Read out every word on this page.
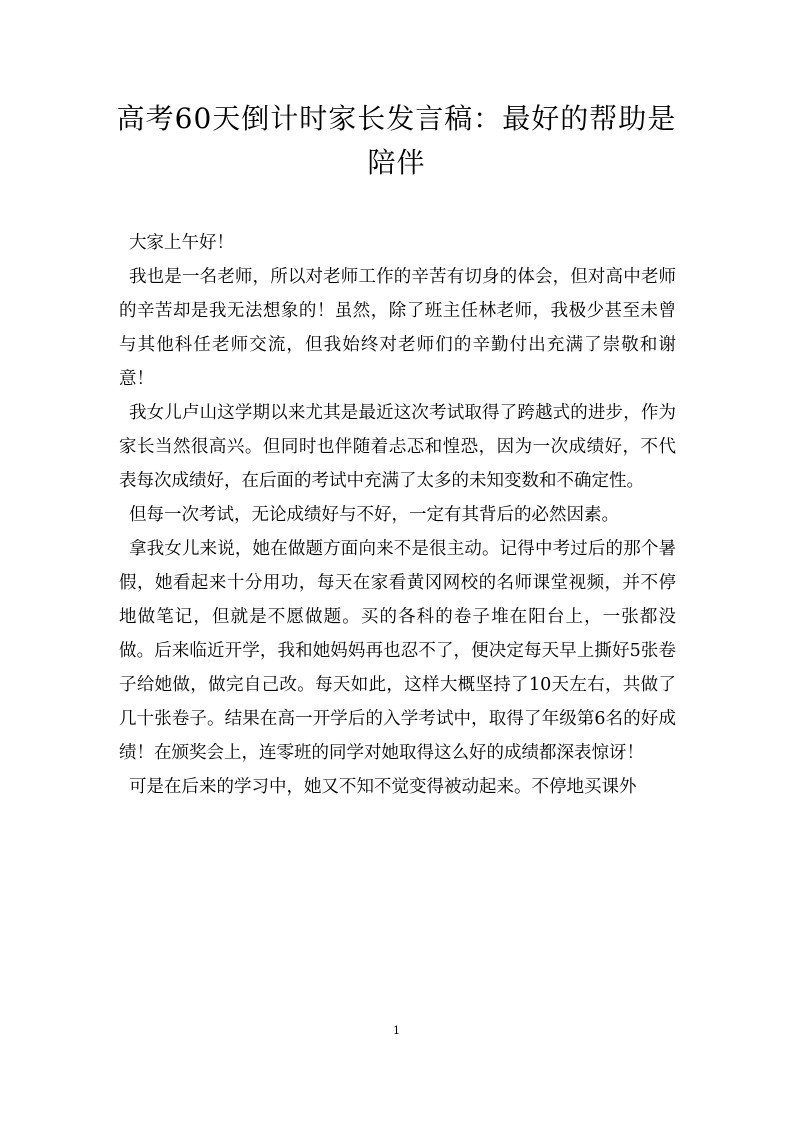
高考60天倒计时家长发言稿：最好的帮助是陪伴

大家上午好！

我也是一名老师，所以对老师工作的辛苦有切身的体会，但对高中老师的辛苦却是我无法想象的！虽然，除了班主任林老师，我极少甚至未曾与其他科任老师交流，但我始终对老师们的辛勤付出充满了崇敬和谢意！

我女儿卢山这学期以来尤其是最近这次考试取得了跨越式的进步，作为家长当然很高兴。但同时也伴随着忐忑和惶恐，因为一次成绩好，不代表每次成绩好，在后面的考试中充满了太多的未知变数和不确定性。

但每一次考试，无论成绩好与不好，一定有其背后的必然因素。

拿我女儿来说，她在做题方面向来不是很主动。记得中考过后的那个暑假，她看起来十分用功，每天在家看黄冈网校的名师课堂视频，并不停地做笔记，但就是不愿做题。买的各科的卷子堆在阳台上，一张都没做。后来临近开学，我和她妈妈再也忍不了，便决定每天早上撕好5张卷子给她做，做完自己改。每天如此，这样大概坚持了10天左右，共做了几十张卷子。结果在高一开学后的入学考试中，取得了年级第6名的好成绩！在颁奖会上，连零班的同学对她取得这么好的成绩都深表惊讶！

可是在后来的学习中，她又不知不觉变得被动起来。不停地买课外

1
